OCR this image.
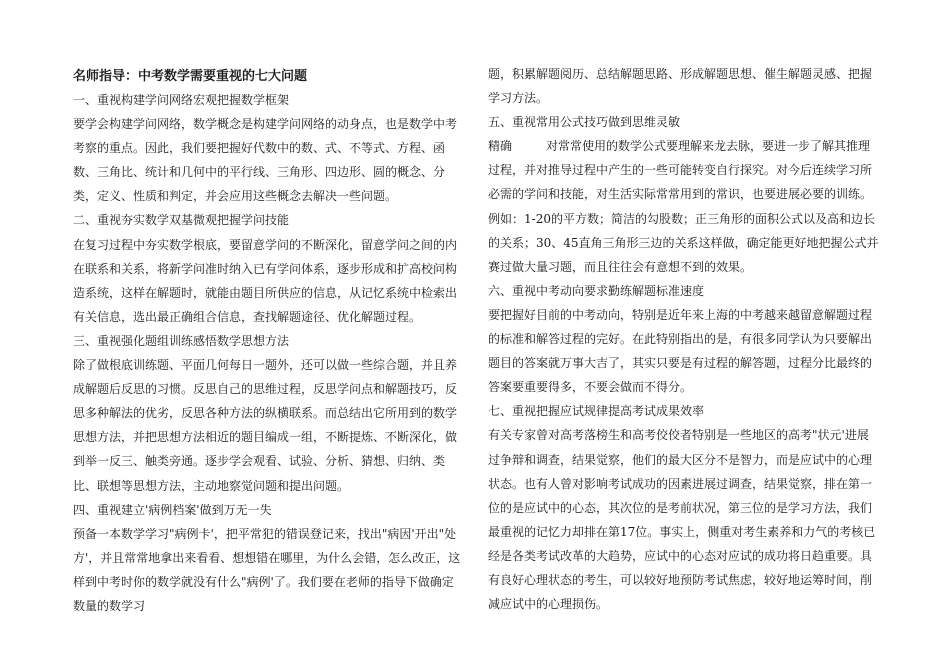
名师指导：中考数学需要重视的七大问题

一、重视构建学问网络宏观把握数学框架

要学会构建学问网络，数学概念是构建学问网络的动身点，也是数学中考考察的重点。因此，我们要把握好代数中的数、式、不等式、方程、函数、三角比、统计和几何中的平行线、三角形、四边形、圆的概念、分类，定义、性质和判定，并会应用这些概念去解决一些问题。

二、重视夯实数学双基微观把握学问技能

在复习过程中夯实数学根底，要留意学问的不断深化，留意学问之间的内在联系和关系，将新学问准时纳入已有学问体系，逐步形成和扩高校问构造系统，这样在解题时，就能由题目所供应的信息，从记忆系统中检索出有关信息，选出最正确组合信息，查找解题途径、优化解题过程。

三、重视强化题组训练感悟数学思想方法

除了做根底训练题、平面几何每日一题外，还可以做一些综合题，并且养成解题后反思的习惯。反思自己的思维过程，反思学问点和解题技巧，反思多种解法的优劣，反思各种方法的纵横联系。而总结出它所用到的数学思想方法，并把思想方法相近的题目编成一组，不断提炼、不断深化，做到举一反三、触类旁通。逐步学会观看、试验、分析、猜想、归纳、类比、联想等思想方法，主动地察觉问题和提出问题。

四、重视建立'病例档案'做到万无一失

预备一本数学学习"病例卡'，把平常犯的错误登记来，找出"病因'开出"处方'，并且常常地拿出来看看、想想错在哪里，为什么会错，怎么改正，这样到中考时你的数学就没有什么"病例'了。我们要在老师的指导下做确定数量的数学习

题，积累解题阅历、总结解题思路、形成解题思想、催生解题灵感、把握学习方法。

五、重视常用公式技巧做到思维灵敏

精确	对常常使用的数学公式要理解来龙去脉，要进一步了解其推理过程，并对推导过程中产生的一些可能转变自行探究。对今后连续学习所必需的学问和技能，对生活实际常常用到的常识，也要进展必要的训练。例如：1-20的平方数；简洁的勾股数；正三角形的面积公式以及高和边长的关系；30、45直角三角形三边的关系这样做，确定能更好地把握公式并赛过做大量习题，而且往往会有意想不到的效果。

六、重视中考动向要求勤练解题标准速度

要把握好目前的中考动向，特别是近年来上海的中考越来越留意解题过程的标准和解答过程的完好。在此特别指出的是，有很多同学认为只要解出题目的答案就万事大吉了，其实只要是有过程的解答题，过程分比最终的答案要重要得多，不要会做而不得分。

七、重视把握应试规律提高考试成果效率

有关专家曾对高考落榜生和高考佼佼者特别是一些地区的高考"状元'进展过争辩和调查，结果觉察，他们的最大区分不是智力，而是应试中的心理状态。也有人曾对影响考试成功的因素进展过调查，结果觉察，排在第一位的是应试中的心态，其次位的是考前状况，第三位的是学习方法，我们最重视的记忆力却排在第17位。事实上，侧重对考生素养和力气的考核已经是各类考试改革的大趋势，应试中的心态对应试的成功将日趋重要。具有良好心理状态的考生，可以较好地预防考试焦虑，较好地运筹时间，削减应试中的心理损伤。
